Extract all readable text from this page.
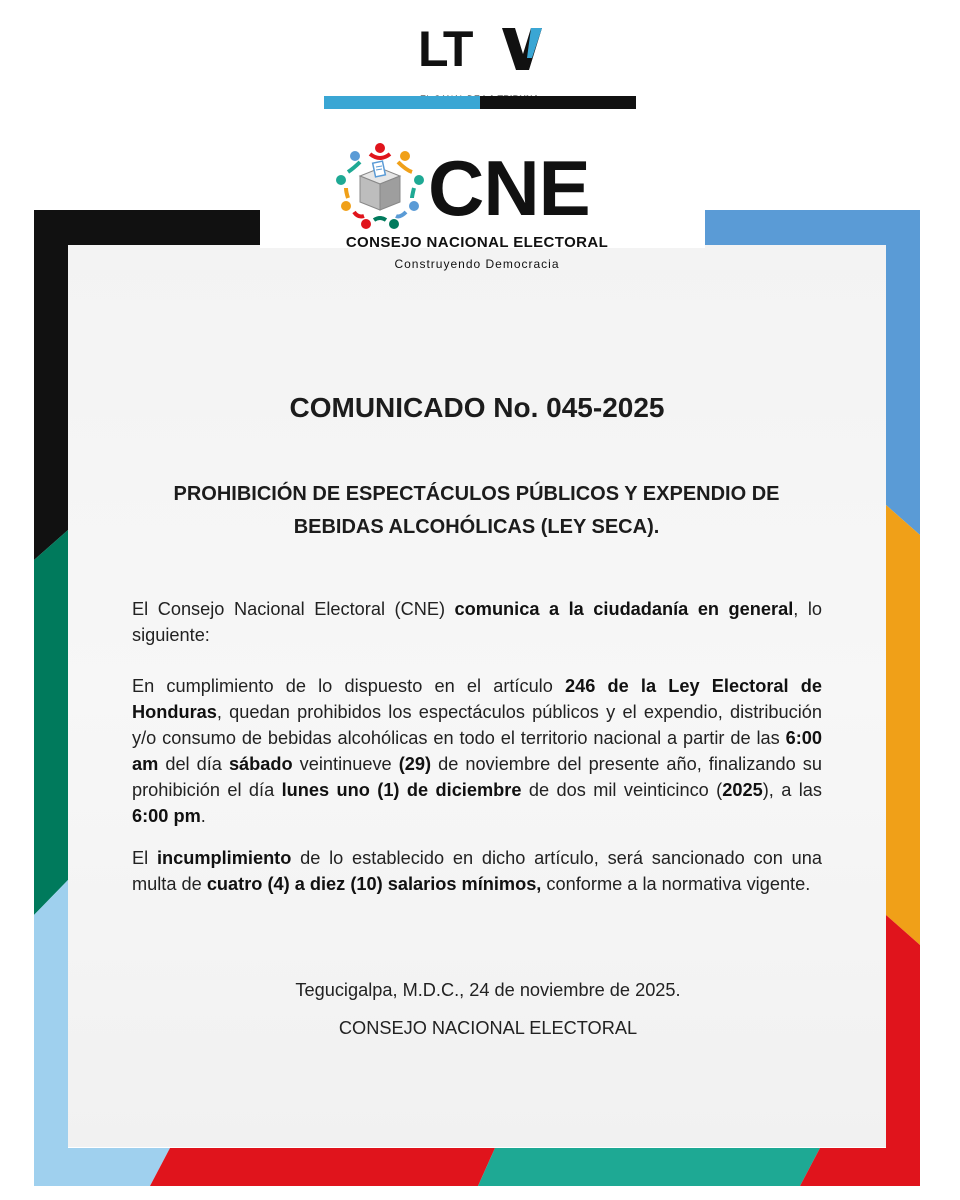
LT
CNE
CONSEJO NACIONAL ELECTORAL
Construyendo Democracia
COMUNICADO No. 045-2025
PROHIBICIÓN DE ESPECTÁCULOS PÚBLICOS Y EXPENDIO DE
BEBIDAS ALCOHÓLICAS (LEY SECA).

El Consejo Nacional Electoral (CNE) comunica a la ciudadanía en general, lo siguiente:

En cumplimiento de lo dispuesto en el artículo 246 de la Ley Electoral de Honduras, quedan prohibidos los espectáculos públicos y el expendio, distribución y/o consumo de bebidas alcohólicas en todo el territorio nacional a partir de las 6:00 am del día sábado veintinueve (29) de noviembre del presente año, finalizando su prohibición el día lunes uno (1) de diciembre de dos mil veinticinco (2025), a las 6:00 pm.

El incumplimiento de lo establecido en dicho artículo, será sancionado con una multa de cuatro (4) a diez (10) salarios mínimos, conforme a la normativa vigente.

Tegucigalpa, M.D.C., 24 de noviembre de 2025.
CONSEJO NACIONAL ELECTORAL
